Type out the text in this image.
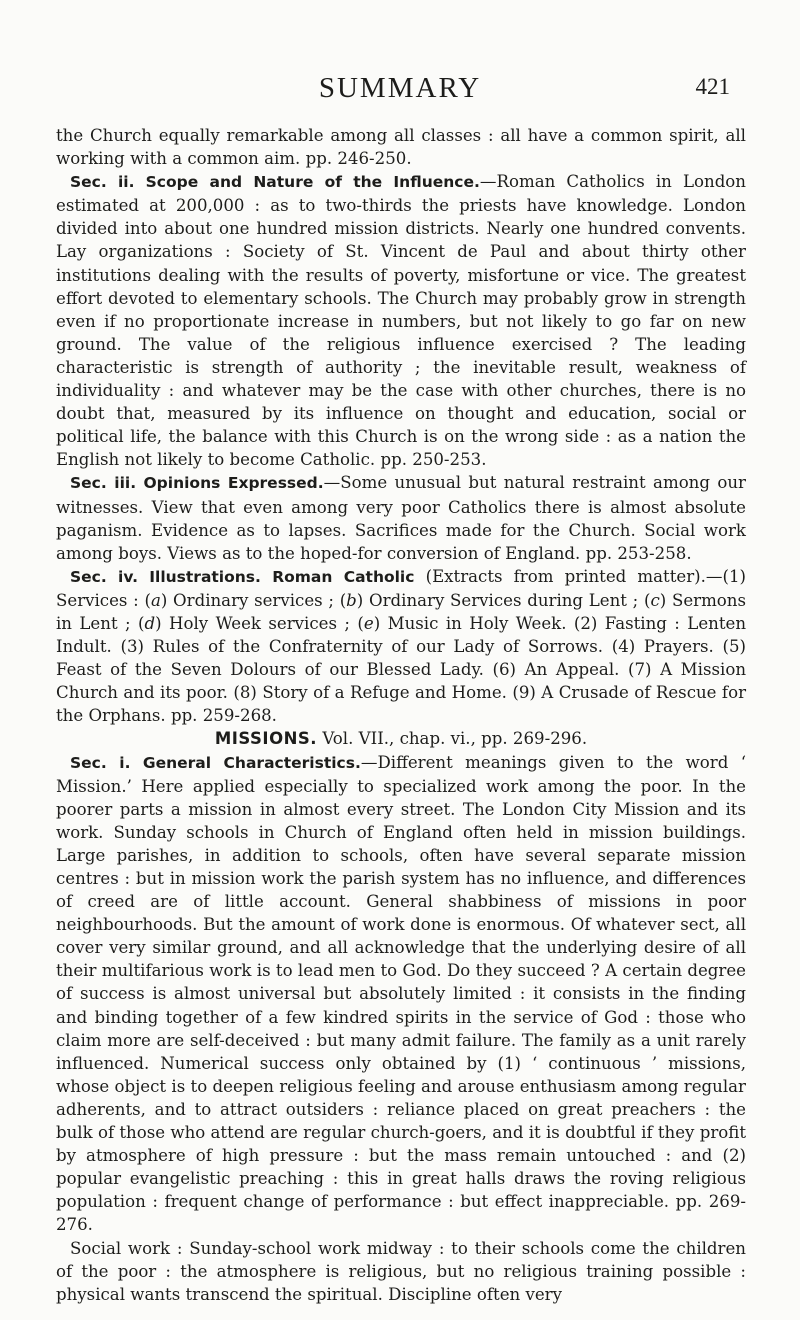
SUMMARY	421

the Church equally remarkable among all classes : all have a common spirit, all working with a common aim. pp. 246-250.

Sec. ii. Scope and Nature of the Influence.—Roman Catholics in London estimated at 200,000 : as to two-thirds the priests have knowledge. London divided into about one hundred mission districts. Nearly one hundred convents. Lay organizations : Society of St. Vincent de Paul and about thirty other institutions dealing with the results of poverty, misfortune or vice. The greatest effort devoted to elementary schools. The Church may probably grow in strength even if no proportionate increase in numbers, but not likely to go far on new ground. The value of the religious influence exercised ? The leading characteristic is strength of authority ; the inevitable result, weakness of individuality : and whatever may be the case with other churches, there is no doubt that, measured by its influence on thought and education, social or political life, the balance with this Church is on the wrong side : as a nation the English not likely to become Catholic. pp. 250-253.

Sec. iii. Opinions Expressed.—Some unusual but natural restraint among our witnesses. View that even among very poor Catholics there is almost absolute paganism. Evidence as to lapses. Sacrifices made for the Church. Social work among boys. Views as to the hoped-for conversion of England. pp. 253-258.

Sec. iv. Illustrations. Roman Catholic (Extracts from printed matter).—(1) Services : (a) Ordinary services ; (b) Ordinary Services during Lent ; (c) Sermons in Lent ; (d) Holy Week services ; (e) Music in Holy Week. (2) Fasting : Lenten Indult. (3) Rules of the Confraternity of our Lady of Sorrows. (4) Prayers. (5) Feast of the Seven Dolours of our Blessed Lady. (6) An Appeal. (7) A Mission Church and its poor. (8) Story of a Refuge and Home. (9) A Crusade of Rescue for the Orphans. pp. 259-268.

MISSIONS. Vol. VII., chap. vi., pp. 269-296.

Sec. i. General Characteristics.—Different meanings given to the word ‘ Mission.’ Here applied especially to specialized work among the poor. In the poorer parts a mission in almost every street. The London City Mission and its work. Sunday schools in Church of England often held in mission buildings. Large parishes, in addition to schools, often have several separate mission centres : but in mission work the parish system has no influence, and differences of creed are of little account. General shabbiness of missions in poor neighbourhoods. But the amount of work done is enormous. Of whatever sect, all cover very similar ground, and all acknowledge that the underlying desire of all their multifarious work is to lead men to God. Do they succeed ? A certain degree of success is almost universal but absolutely limited : it consists in the finding and binding together of a few kindred spirits in the service of God : those who claim more are self-deceived : but many admit failure. The family as a unit rarely influenced. Numerical success only obtained by (1) ‘ continuous ’ missions, whose object is to deepen religious feeling and arouse enthusiasm among regular adherents, and to attract outsiders : reliance placed on great preachers : the bulk of those who attend are regular church-goers, and it is doubtful if they profit by atmosphere of high pressure : but the mass remain untouched : and (2) popular evangelistic preaching : this in great halls draws the roving religious population : frequent change of performance : but effect inappreciable. pp. 269-276.

Social work : Sunday-school work midway : to their schools come the children of the poor : the atmosphere is religious, but no religious training possible : physical wants transcend the spiritual. Discipline often very
